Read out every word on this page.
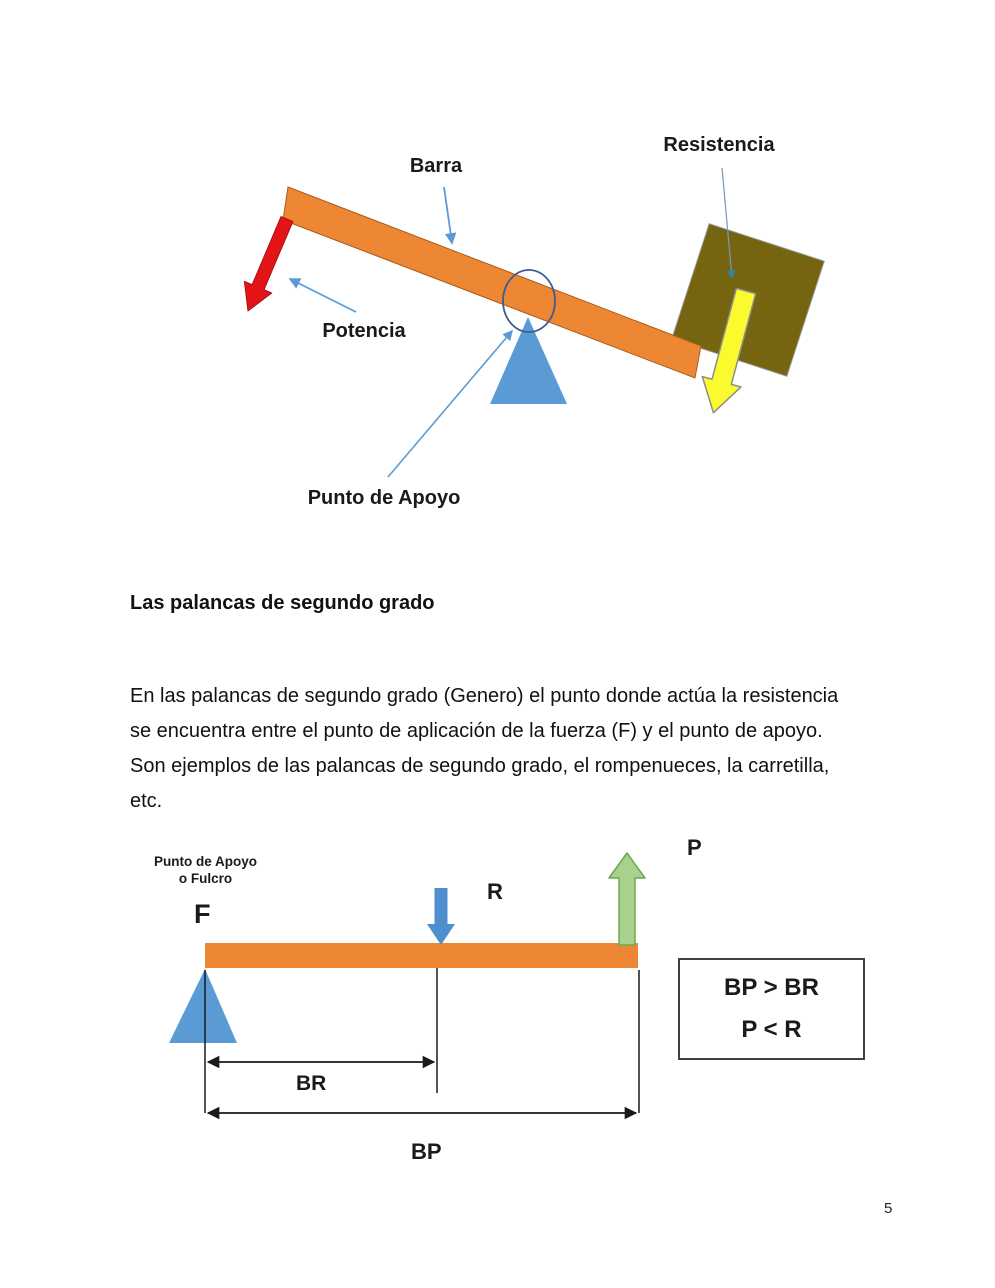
Barra
Resistencia
Potencia
Punto de Apoyo
Las palancas de segundo grado
En las palancas de segundo grado (Genero) el punto donde actúa la resistencia
se encuentra entre el punto de aplicación de la fuerza (F) y el punto de apoyo.
Son ejemplos de las palancas de segundo grado, el rompenueces, la carretilla,
etc.
Punto de Apoyo
o Fulcro
F
R
P
BR
BP
BP > BR
P < R
5
